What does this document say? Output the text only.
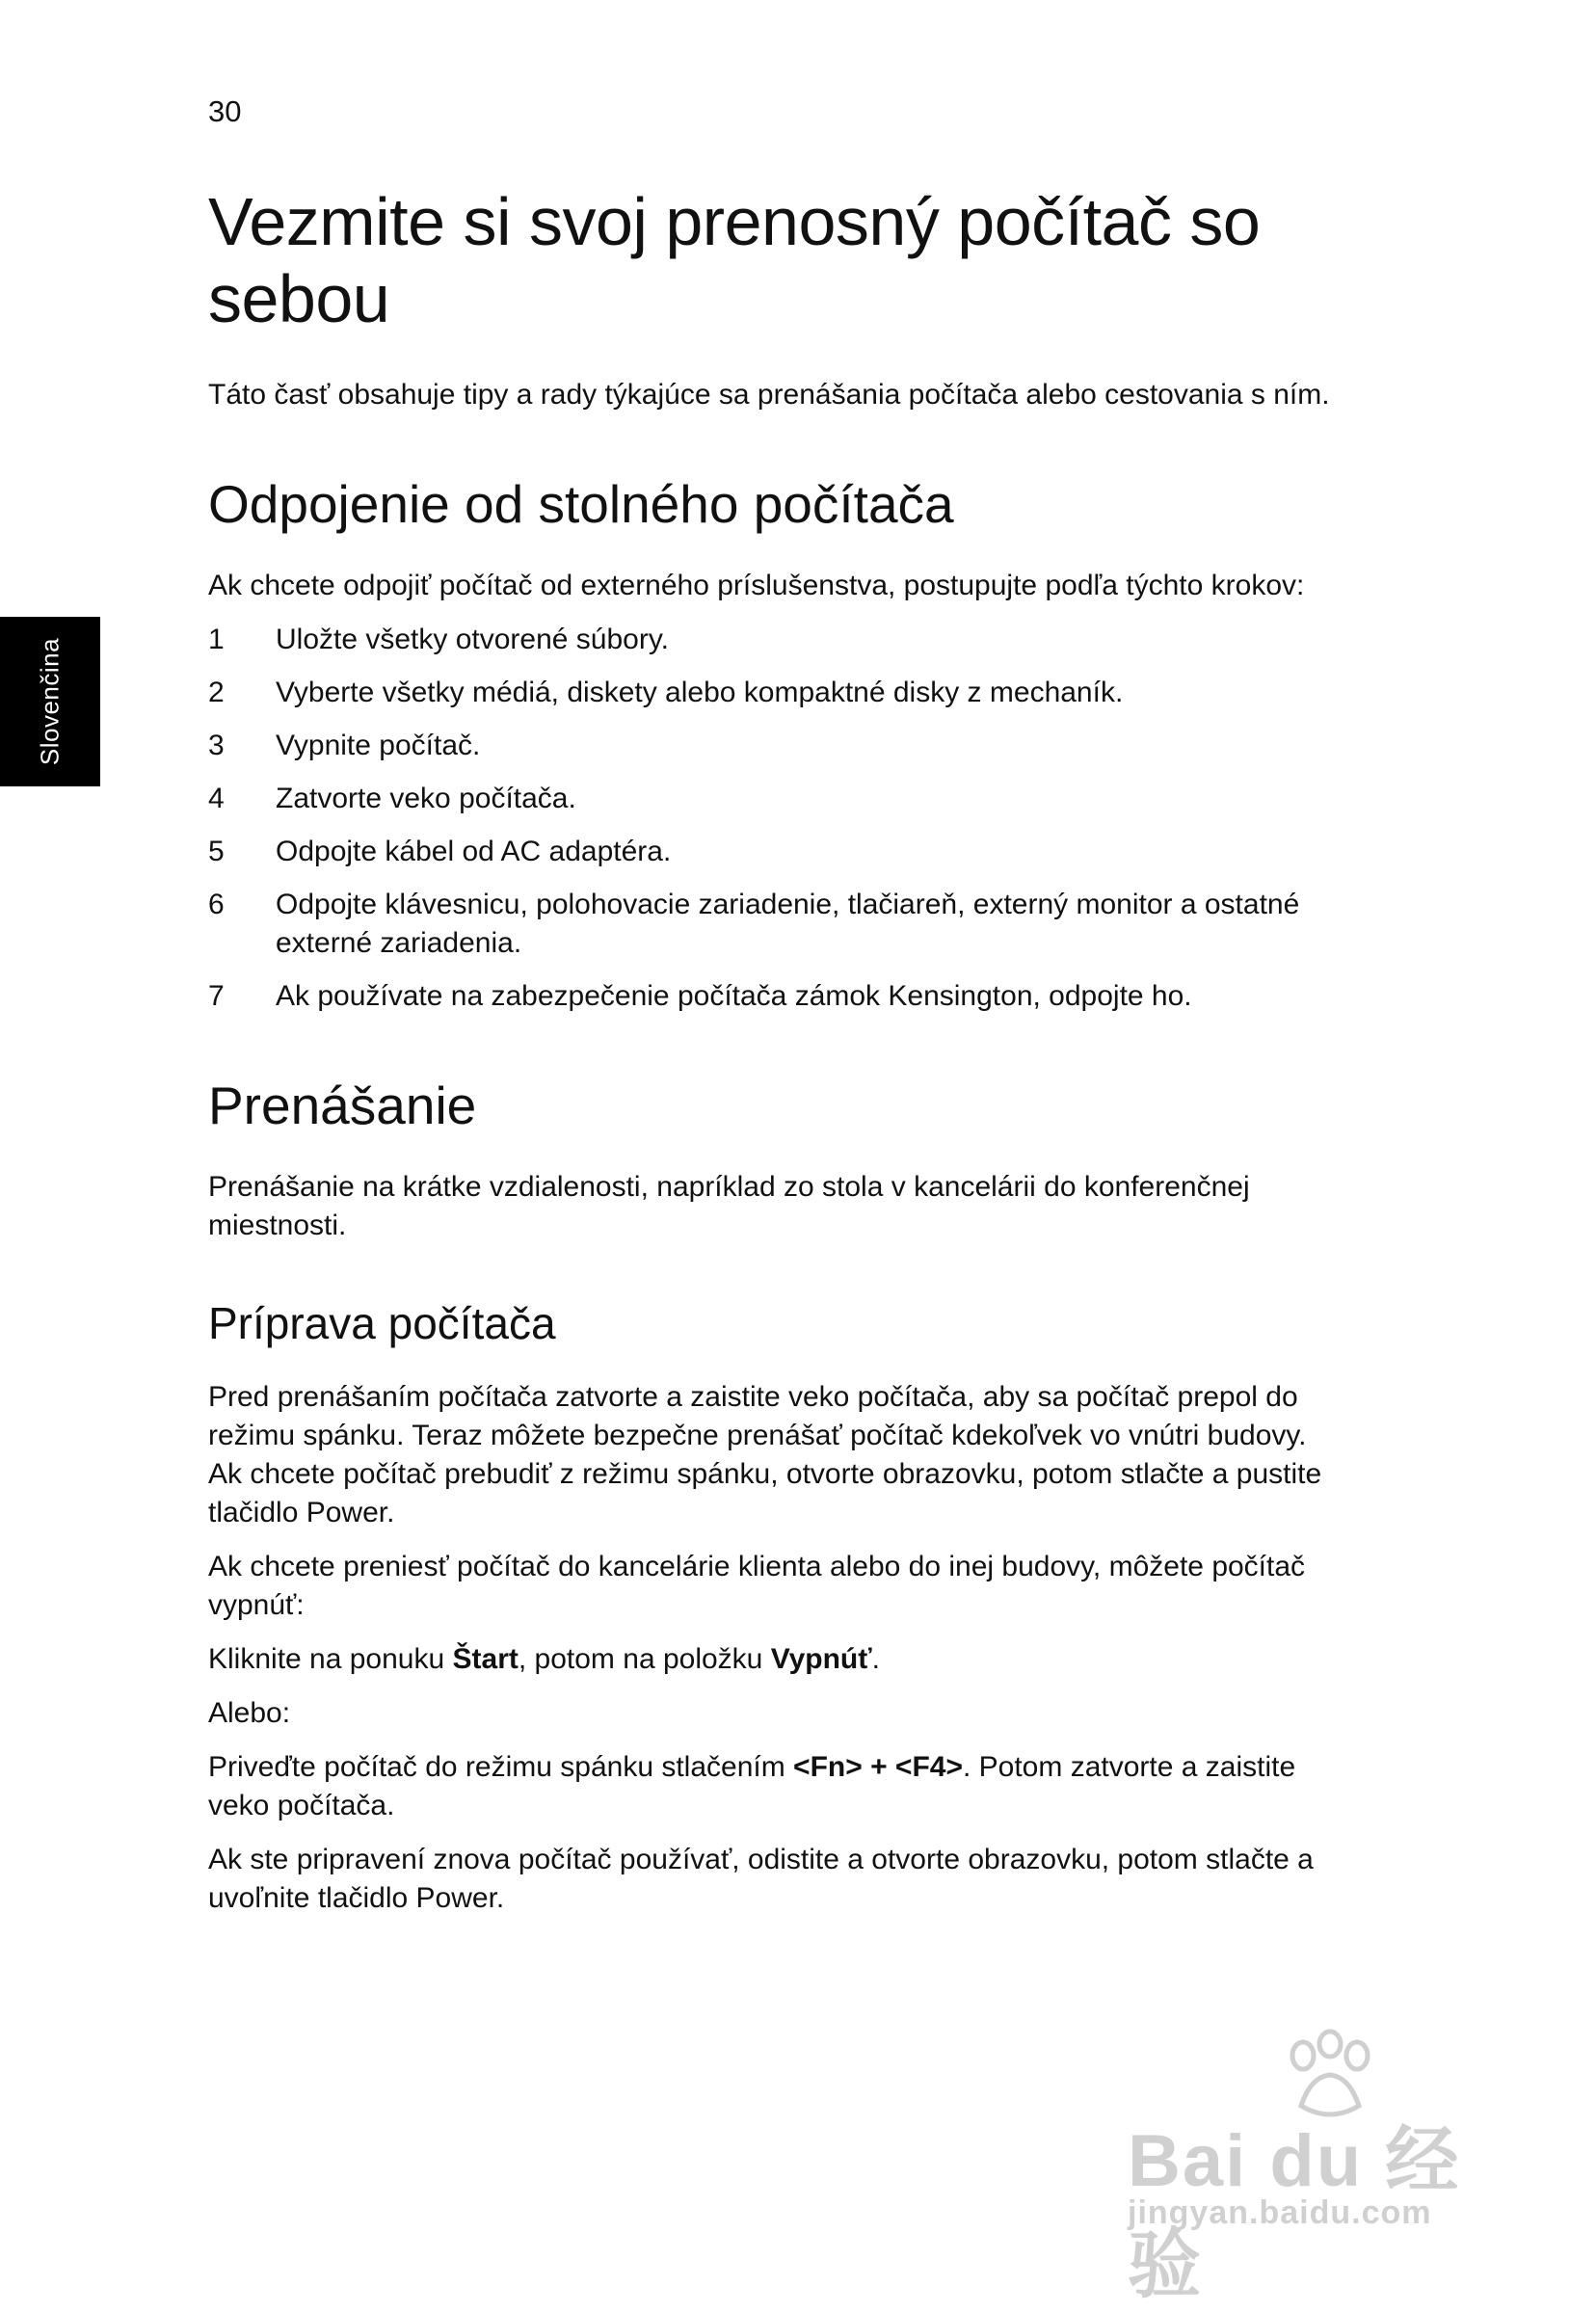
30
Slovenčina
Vezmite si svoj prenosný počítač so sebou

Táto časť obsahuje tipy a rady týkajúce sa prenášania počítača alebo cestovania s ním.

Odpojenie od stolného počítača

Ak chcete odpojiť počítač od externého príslušenstva, postupujte podľa týchto krokov:

1 Uložte všetky otvorené súbory.
2 Vyberte všetky médiá, diskety alebo kompaktné disky z mechaník.
3 Vypnite počítač.
4 Zatvorte veko počítača.
5 Odpojte kábel od AC adaptéra.
6 Odpojte klávesnicu, polohovacie zariadenie, tlačiareň, externý monitor a ostatné externé zariadenia.
7 Ak používate na zabezpečenie počítača zámok Kensington, odpojte ho.
Prenášanie

Prenášanie na krátke vzdialenosti, napríklad zo stola v kancelárii do konferenčnej miestnosti.

Príprava počítača

Pred prenášaním počítača zatvorte a zaistite veko počítača, aby sa počítač prepol do režimu spánku. Teraz môžete bezpečne prenášať počítač kdekoľvek vo vnútri budovy. Ak chcete počítač prebudiť z režimu spánku, otvorte obrazovku, potom stlačte a pustite tlačidlo Power.

Ak chcete preniesť počítač do kancelárie klienta alebo do inej budovy, môžete počítač vypnúť:

Kliknite na ponuku Štart, potom na položku Vypnúť.

Alebo:

Priveďte počítač do režimu spánku stlačením <Fn> + <F4>. Potom zatvorte a zaistite veko počítača.

Ak ste pripravení znova počítač používať, odistite a otvorte obrazovku, potom stlačte a uvoľnite tlačidlo Power.

Bai du 经验
jingyan.baidu.com
